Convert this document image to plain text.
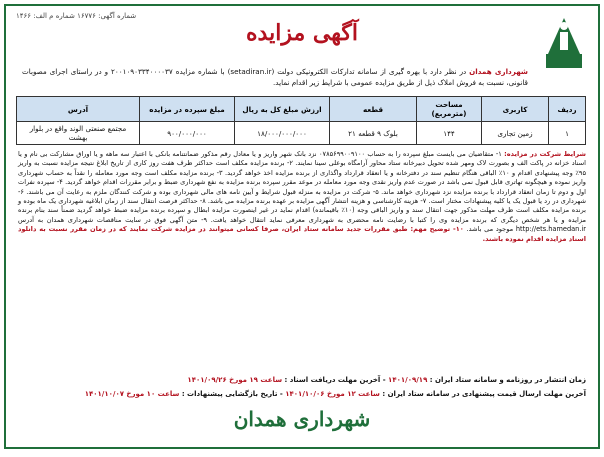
شماره آگهی: ۱۶۷۷۶ شماره م الف: ۱۴۶۶
آگهی مزایده
شهرداری همدان در نظر دارد با بهره گیری از سامانه تدارکات الکترونیکی دولت (setadiran.ir) با شماره مزایده ۲۰۰۱۰۹۰۳۳۴۰۰۰۰۳۷ و در راستای اجرای مصوبات قانونی، نسبت به فروش املاک ذیل از طریق مزایده عمومی با شرایط زیر اقدام نماید.
ردیف	کاربری	مساحت (مترمربع)	قطعه	ارزش مبلغ کل به ریال	مبلغ سپرده در مزایده	آدرس
۱	زمین تجاری	۱۴۴	بلوک ۹ قطعه ۲۱	۱۸/۰۰۰/۰۰۰/۰۰۰	۹۰۰/۰۰۰/۰۰۰	مجتمع صنعتی الوند واقع در بلوار بهشت
شرایط شرکت در مزایده: ۱- متقاضیان می بایست مبلغ سپرده را به حساب ۰۷۸۵۶۹۹۰۰۹۱۰۰ نزد بانک شهر واریز و یا معادل رقم مذکور ضمانتنامه بانکی با اعتبار سه ماهه و یا اوراق مشارکت بی نام و یا اسناد خزانه در پاکت الف و بصورت لاک ومهر شده تحویل دبیرخانه ستاد محاور آرامگاه بوعلی سینا نمایند. ۲- برنده مزایده مکلف است حداکثر ظرف هفت روز کاری از تاریخ ابلاغ نتیجه مزایده نسبت به واریز ۹۵٪ وجه پیشنهادی اقدام و ۱۰٪ الباقی هنگام تنظیم سند در دفترخانه و یا انعقاد قرارداد واگذاری از برنده مزایده اخذ خواهد گردید. ۳- برنده مزایده مکلف است وجه مورد معامله را نقداً به حساب شهرداری واریز نموده و هیچگونه تهاتری قابل قبول نمی باشد در صورت عدم واریز نقدی وجه مورد معامله در موعد مقرر سپرده برنده مزایده به نفع شهرداری ضبط و برابر مقررات اقدام خواهد گردید. ۴- سپرده نفرات اول و دوم تا زمان انعقاد قرارداد با برنده مزایده نزد شهرداری خواهد ماند. ۵- شرکت در مزایده به منزله قبول شرایط و آیین نامه های مالی شهرداری بوده و شرکت کنندگان ملزم به رعایت آن می باشند. ۶- شهرداری در رد یا قبول یک یا کلیه پیشنهادات مختار است. ۷- هزینه کارشناسی و هزینه انتشار آگهی مزایده بر عهده برنده مزایده می باشد. ۸- حداکثر فرصت انتقال سند از زمان ابلاغیه شهرداری یک ماه بوده و برنده مزایده مکلف است ظرف مهلت مذکور جهت انتقال سند و واریز الباقی وجه (۱۰٪ باقیمانده) اقدام نماید در غیر اینصورت مزایده ابطال و سپرده برنده مزایده ضبط خواهد گردید ضمناً سند بنام برنده مزایده و یا هر شخص دیگری که برنده مزایده وی را کتبا با رضایت نامه محضری به شهرداری معرفی نماید انتقال خواهد یافت. ۹- متن آگهی فوق در سایت مناقصات شهرداری همدان به آدرس http://ets.hamedan.ir موجود می باشد. ۱۰- توضیح مهم: طبق مقررات جدید سامانه ستاد ایران، صرفا کسانی میتوانند در مزایده شرکت نمایند که در زمان مقرر نسبت به دانلود اسناد مزایده اقدام نموده باشند.
زمان انتشار در روزنامه و سامانه ستاد ایران : ۱۴۰۱/۰۹/۱۹ - آخرین مهلت دریافت اسناد : ساعت ۱۹ مورخ ۱۴۰۱/۰۹/۲۶
آخرین مهلت ارسال قیمت پیشنهادی در سامانه ستاد ایران : ساعت ۱۲ مورخ ۱۴۰۱/۱۰/۰۶ - تاریخ بازگشایی پیشنهادات : ساعت ۱۰ مورخ ۱۴۰۱/۱۰/۰۷
شهرداری همدان
